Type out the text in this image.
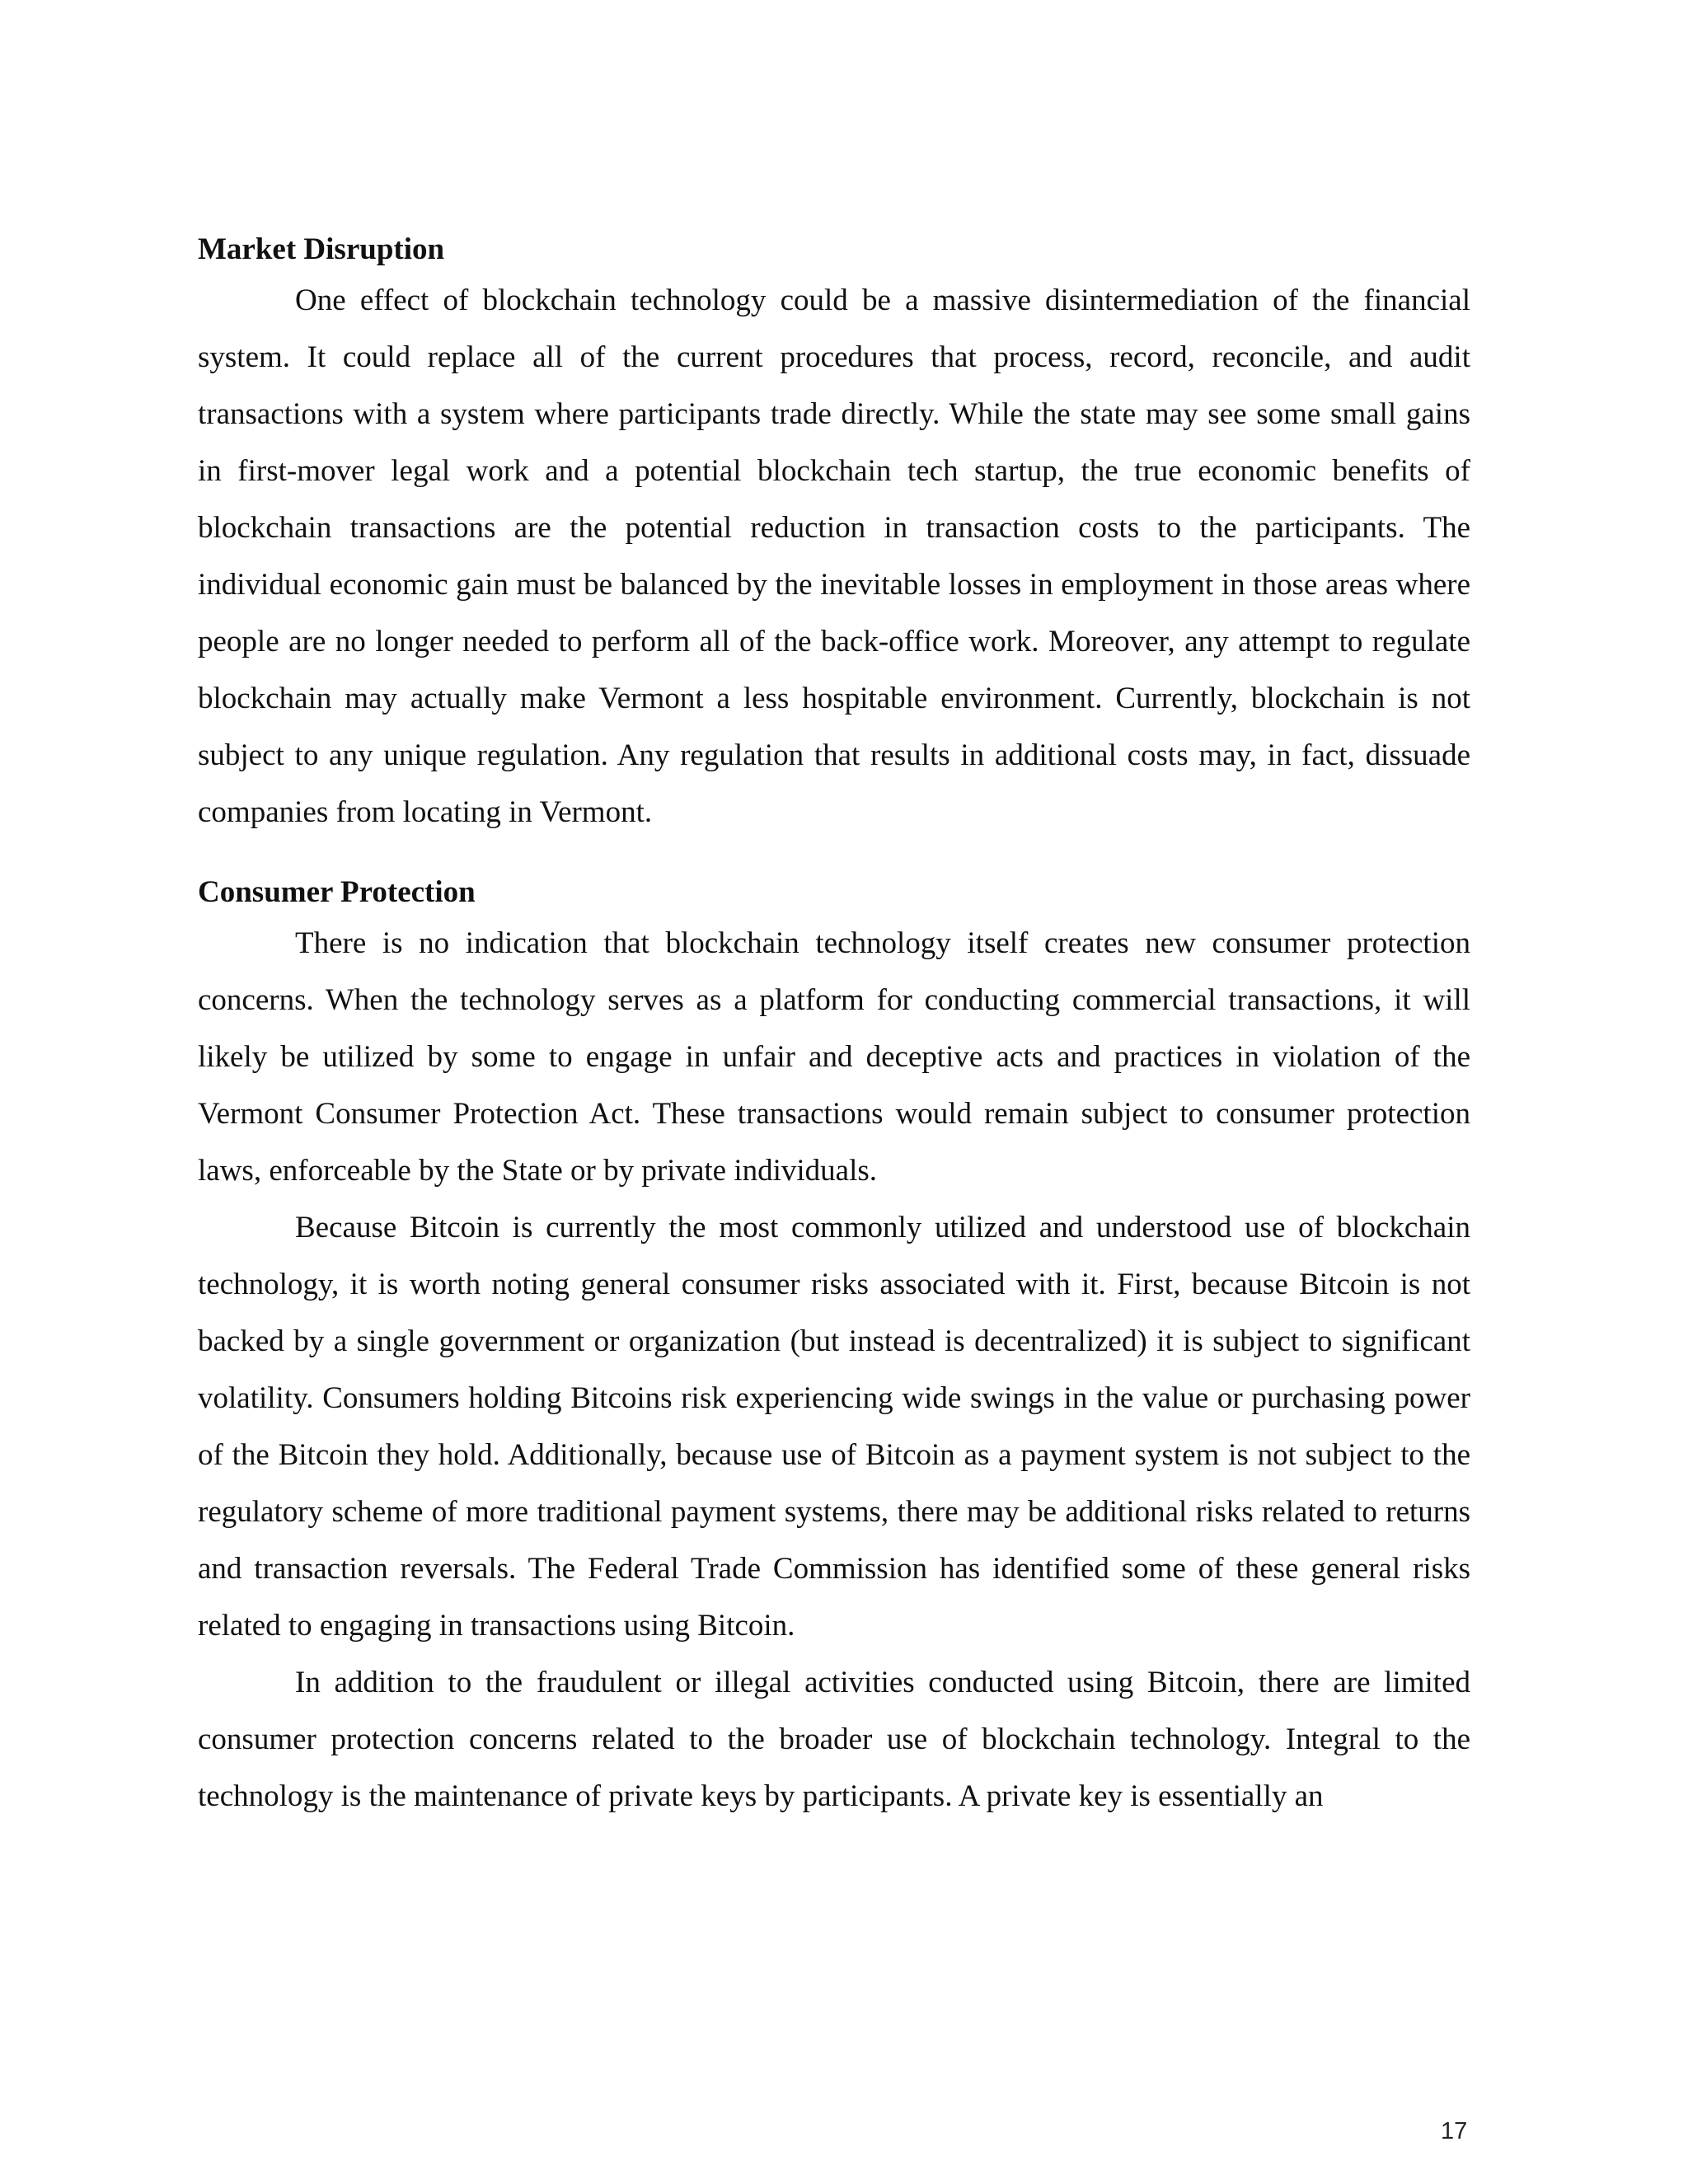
Market Disruption

One effect of blockchain technology could be a massive disintermediation of the financial system. It could replace all of the current procedures that process, record, reconcile, and audit transactions with a system where participants trade directly. While the state may see some small gains in first-mover legal work and a potential blockchain tech startup, the true economic benefits of blockchain transactions are the potential reduction in transaction costs to the participants. The individual economic gain must be balanced by the inevitable losses in employment in those areas where people are no longer needed to perform all of the back-office work. Moreover, any attempt to regulate blockchain may actually make Vermont a less hospitable environment. Currently, blockchain is not subject to any unique regulation. Any regulation that results in additional costs may, in fact, dissuade companies from locating in Vermont.

Consumer Protection

There is no indication that blockchain technology itself creates new consumer protection concerns. When the technology serves as a platform for conducting commercial transactions, it will likely be utilized by some to engage in unfair and deceptive acts and practices in violation of the Vermont Consumer Protection Act. These transactions would remain subject to consumer protection laws, enforceable by the State or by private individuals.

Because Bitcoin is currently the most commonly utilized and understood use of blockchain technology, it is worth noting general consumer risks associated with it. First, because Bitcoin is not backed by a single government or organization (but instead is decentralized) it is subject to significant volatility. Consumers holding Bitcoins risk experiencing wide swings in the value or purchasing power of the Bitcoin they hold. Additionally, because use of Bitcoin as a payment system is not subject to the regulatory scheme of more traditional payment systems, there may be additional risks related to returns and transaction reversals. The Federal Trade Commission has identified some of these general risks related to engaging in transactions using Bitcoin.

In addition to the fraudulent or illegal activities conducted using Bitcoin, there are limited consumer protection concerns related to the broader use of blockchain technology. Integral to the technology is the maintenance of private keys by participants. A private key is essentially an

17
